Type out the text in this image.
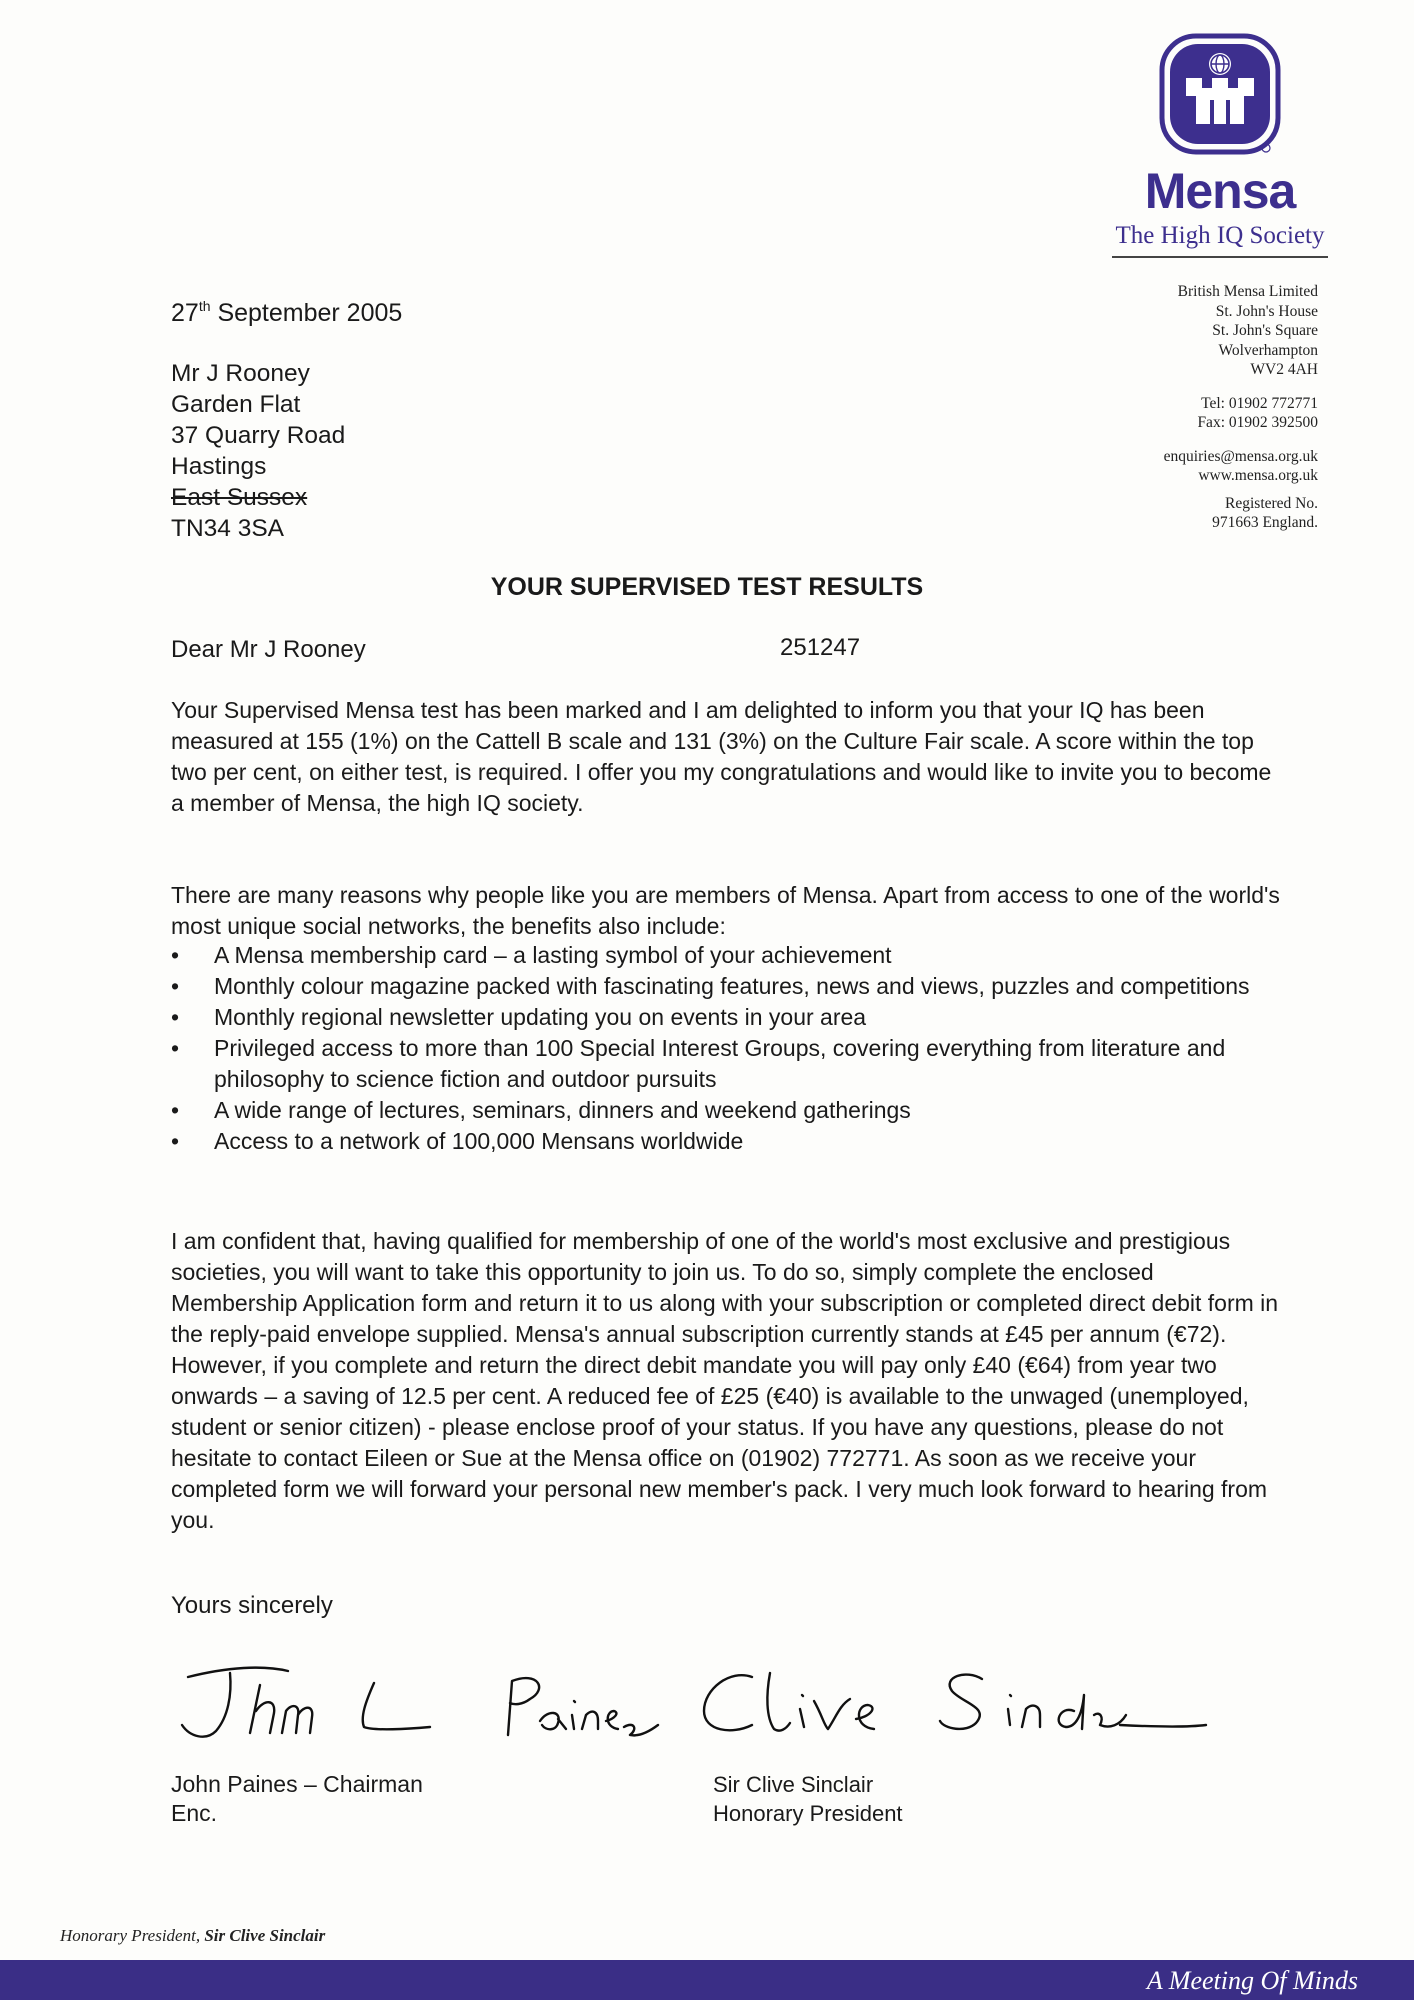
Mensa
The High IQ Society
British Mensa Limited
St. John's House
St. John's Square
Wolverhampton
WV2 4AH
Tel: 01902 772771
Fax: 01902 392500
enquiries@mensa.org.uk
www.mensa.org.uk
Registered No.
971663 England.
27th September 2005
Mr J Rooney
Garden Flat
37 Quarry Road
Hastings
East Sussex
TN34 3SA
YOUR SUPERVISED TEST RESULTS
Dear Mr J Rooney	251247
Your Supervised Mensa test has been marked and I am delighted to inform you that your IQ has been measured at 155 (1%) on the Cattell B scale and 131 (3%) on the Culture Fair scale. A score within the top two per cent, on either test, is required. I offer you my congratulations and would like to invite you to become a member of Mensa, the high IQ society.
There are many reasons why people like you are members of Mensa. Apart from access to one of the world's most unique social networks, the benefits also include:
• A Mensa membership card – a lasting symbol of your achievement
• Monthly colour magazine packed with fascinating features, news and views, puzzles and competitions
• Monthly regional newsletter updating you on events in your area
• Privileged access to more than 100 Special Interest Groups, covering everything from literature and philosophy to science fiction and outdoor pursuits
• A wide range of lectures, seminars, dinners and weekend gatherings
• Access to a network of 100,000 Mensans worldwide
I am confident that, having qualified for membership of one of the world's most exclusive and prestigious societies, you will want to take this opportunity to join us. To do so, simply complete the enclosed Membership Application form and return it to us along with your subscription or completed direct debit form in the reply-paid envelope supplied. Mensa's annual subscription currently stands at £45 per annum (€72). However, if you complete and return the direct debit mandate you will pay only £40 (€64) from year two onwards – a saving of 12.5 per cent. A reduced fee of £25 (€40) is available to the unwaged (unemployed, student or senior citizen) - please enclose proof of your status. If you have any questions, please do not hesitate to contact Eileen or Sue at the Mensa office on (01902) 772771. As soon as we receive your completed form we will forward your personal new member's pack. I very much look forward to hearing from you.
Yours sincerely
John Paines – Chairman
Enc.
Sir Clive Sinclair
Honorary President
Honorary President, Sir Clive Sinclair
A Meeting Of Minds
